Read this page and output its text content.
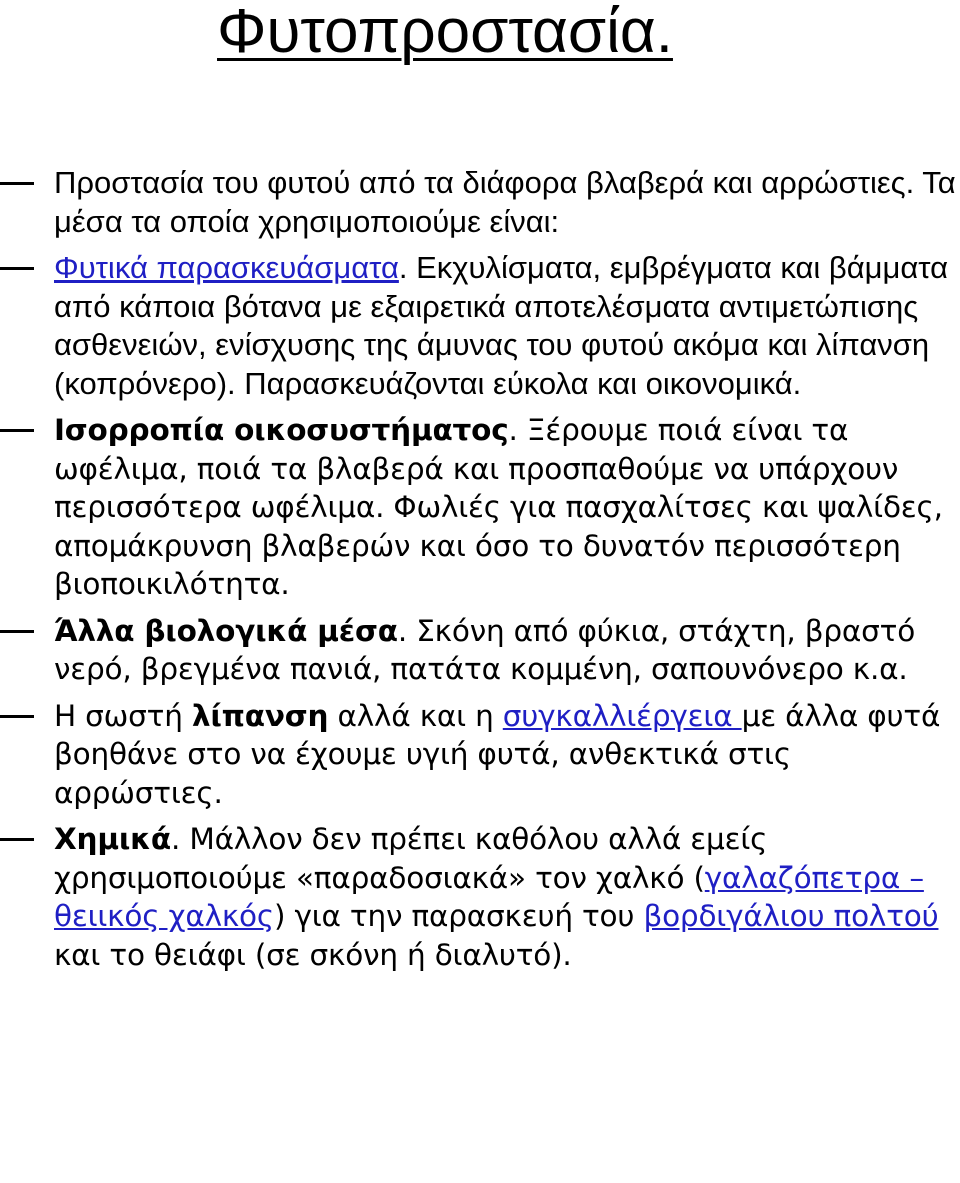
Φυτοπροστασία.
Προστασία του φυτού από τα διάφορα βλαβερά και αρρώστιες. Τα μέσα τα οποία χρησιμοποιούμε είναι:
Φυτικά παρασκευάσματα. Εκχυλίσματα, εμβρέγματα και βάμματα από κάποια βότανα με εξαιρετικά αποτελέσματα αντιμετώπισης ασθενειών, ενίσχυσης της άμυνας του φυτού ακόμα και λίπανση (κοπρόνερο). Παρασκευάζονται εύκολα και οικονομικά.
Ισορροπία οικοσυστήματος. Ξέρουμε ποιά είναι τα ωφέλιμα, ποιά τα βλαβερά και προσπαθούμε να υπάρχουν περισσότερα ωφέλιμα. Φωλιές για πασχαλίτσες και ψαλίδες, απομάκρυνση βλαβερών και όσο το δυνατόν περισσότερη βιοποικιλότητα.
Άλλα βιολογικά μέσα. Σκόνη από φύκια, στάχτη, βραστό νερό, βρεγμένα πανιά, πατάτα κομμένη, σαπουνόνερο κ.α.
Η σωστή λίπανση αλλά και η συγκαλλιέργεια με άλλα φυτά βοηθάνε στο να έχουμε υγιή φυτά, ανθεκτικά στις αρρώστιες.
Χημικά. Μάλλον δεν πρέπει καθόλου αλλά εμείς χρησιμοποιούμε «παραδοσιακά» τον χαλκό (γαλαζόπετρα – θειικός χαλκός) για την παρασκευή του βορδιγάλιου πολτού και το θειάφι (σε σκόνη ή διαλυτό).
